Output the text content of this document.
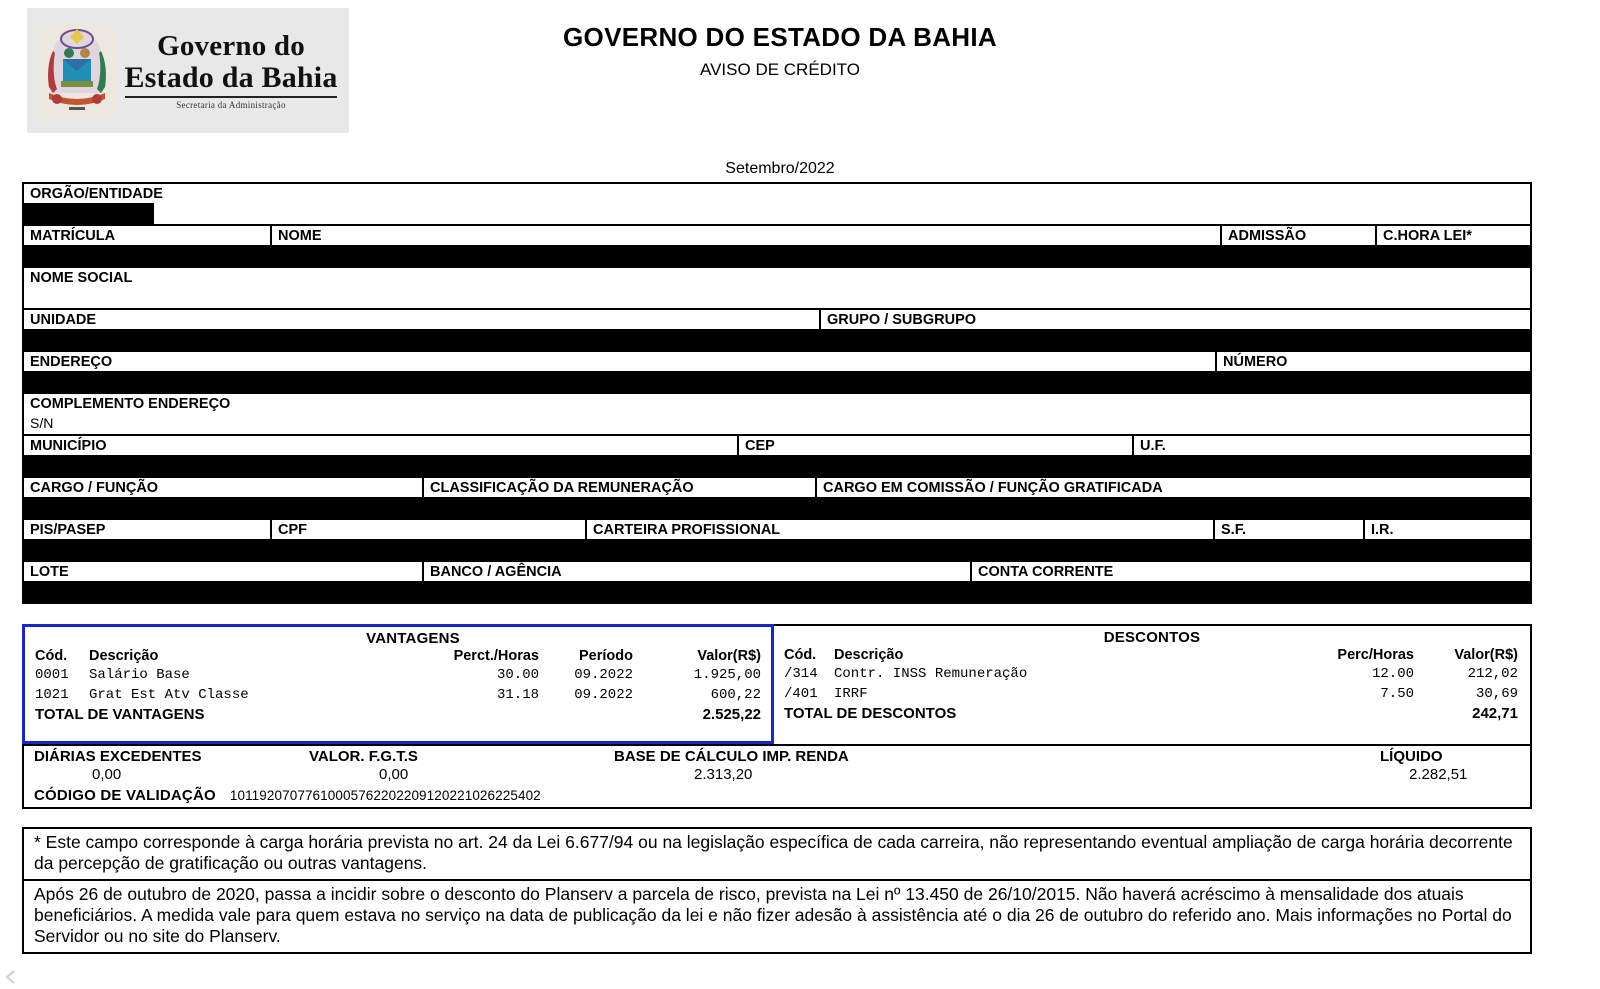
Governo do
Estado da Bahia
Secretaria da Administração
GOVERNO DO ESTADO DA BAHIA
AVISO DE CRÉDITO
Setembro/2022
ORGÃO/ENTIDADE
MATRÍCULA	NOME	ADMISSÃO	C.HORA LEI*
NOME SOCIAL
UNIDADE	GRUPO / SUBGRUPO
ENDEREÇO	NÚMERO
COMPLEMENTO ENDEREÇO
S/N
MUNICÍPIO	CEP	U.F.
CARGO / FUNÇÃO	CLASSIFICAÇÃO DA REMUNERAÇÃO	CARGO EM COMISSÃO / FUNÇÃO GRATIFICADA
PIS/PASEP	CPF	CARTEIRA PROFISSIONAL	S.F.	I.R.
LOTE	BANCO / AGÊNCIA	CONTA CORRENTE
VANTAGENS
Cód.	Descrição	Perct./Horas	Período	Valor(R$)
0001	Salário Base	30.00	09.2022	1.925,00
1021	Grat Est Atv Classe	31.18	09.2022	600,22
TOTAL DE VANTAGENS				2.525,22
DESCONTOS
Cód.	Descrição	Perc/Horas	Valor(R$)
/314	Contr. INSS Remuneração	12.00	212,02
/401	IRRF	7.50	30,69
TOTAL DE DESCONTOS			242,71
DIÁRIAS EXCEDENTES
0,00
VALOR. F.G.T.S
0,00
BASE DE CÁLCULO IMP. RENDA
2.313,20
LÍQUIDO
2.282,51
CÓDIGO DE VALIDAÇÃO 10119207077610005762202209120221026225402
* Este campo corresponde à carga horária prevista no art. 24 da Lei 6.677/94 ou na legislação específica de cada carreira, não representando eventual ampliação de carga horária decorrente da percepção de gratificação ou outras vantagens.
Após 26 de outubro de 2020, passa a incidir sobre o desconto do Planserv a parcela de risco, prevista na Lei nº 13.450 de 26/10/2015. Não haverá acréscimo à mensalidade dos atuais beneficiários. A medida vale para quem estava no serviço na data de publicação da lei e não fizer adesão à assistência até o dia 26 de outubro do referido ano. Mais informações no Portal do Servidor ou no site do Planserv.
